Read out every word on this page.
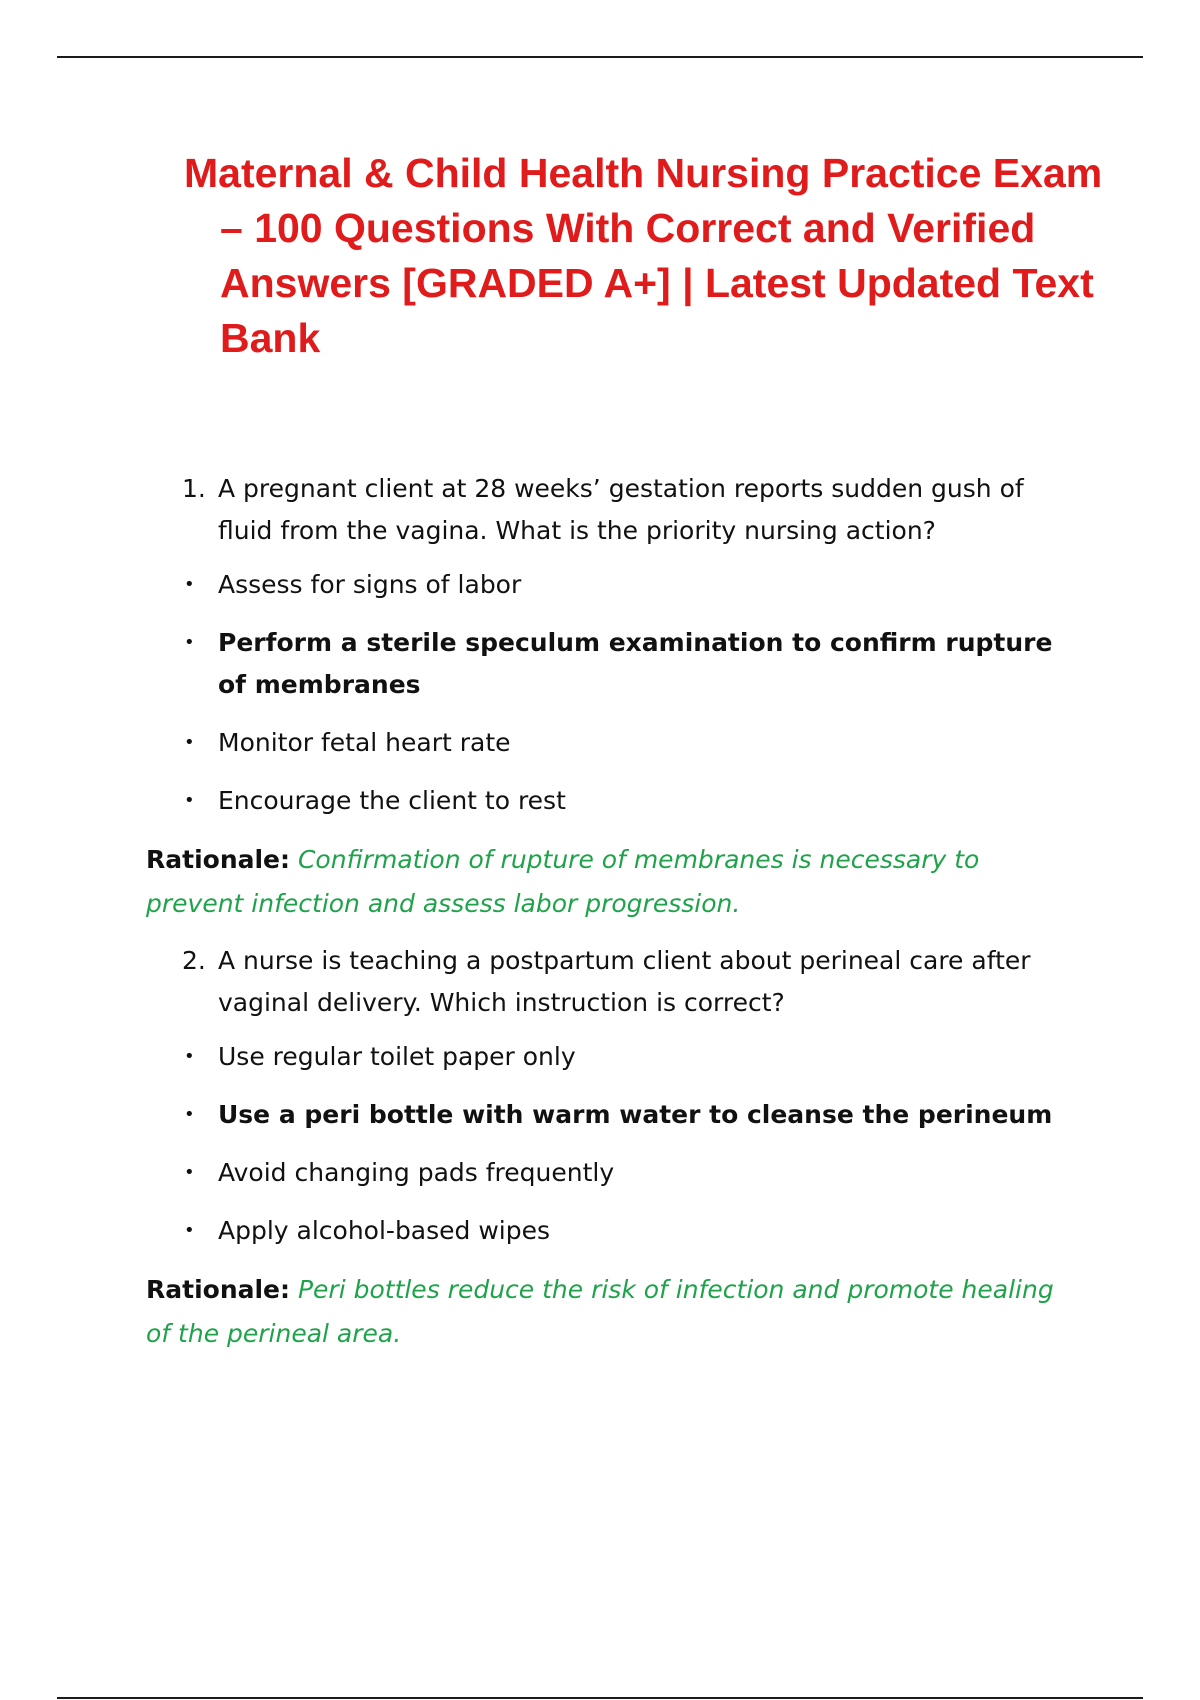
Maternal & Child Health Nursing Practice Exam – 100 Questions With Correct and Verified Answers [GRADED A+] | Latest Updated Text Bank

1. A pregnant client at 28 weeks’ gestation reports sudden gush of fluid from the vagina. What is the priority nursing action?

• Assess for signs of labor
• Perform a sterile speculum examination to confirm rupture of membranes
• Monitor fetal heart rate
• Encourage the client to rest

Rationale: Confirmation of rupture of membranes is necessary to prevent infection and assess labor progression.

2. A nurse is teaching a postpartum client about perineal care after vaginal delivery. Which instruction is correct?

• Use regular toilet paper only
• Use a peri bottle with warm water to cleanse the perineum
• Avoid changing pads frequently
• Apply alcohol-based wipes

Rationale: Peri bottles reduce the risk of infection and promote healing of the perineal area.
